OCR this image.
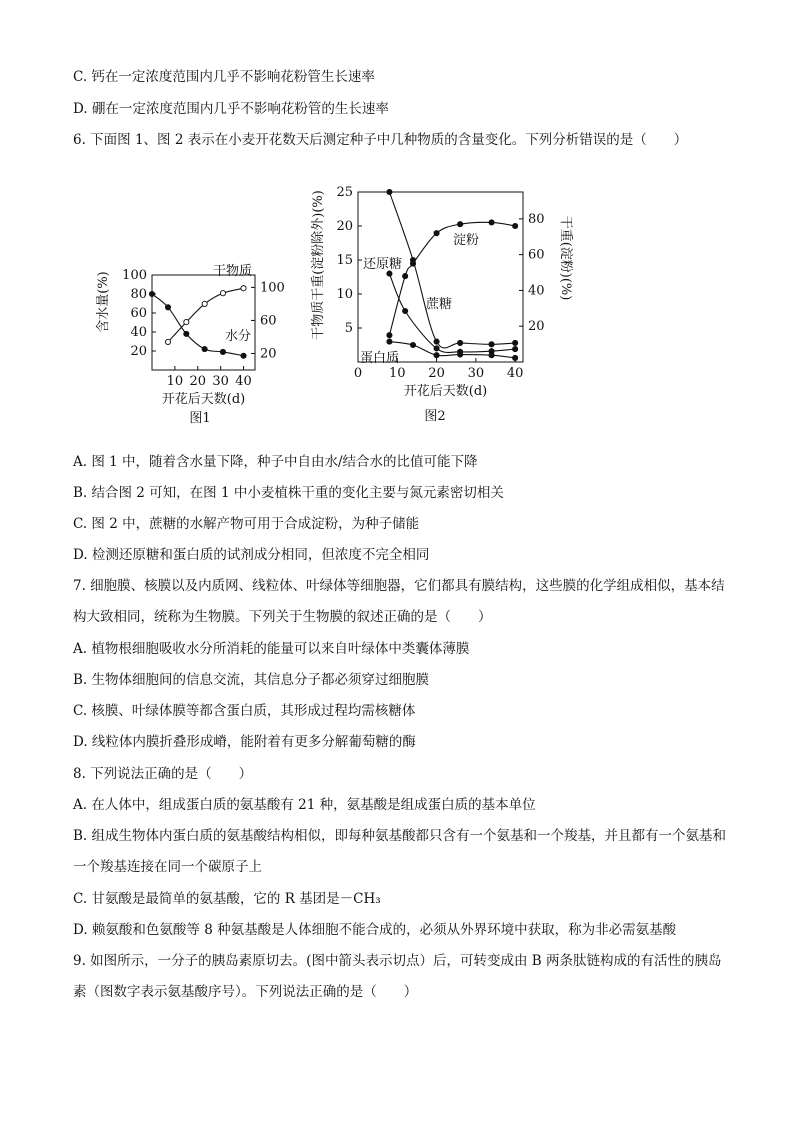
C. 钙在一定浓度范围内几乎不影响花粉管生长速率
D. 硼在一定浓度范围内几乎不影响花粉管的生长速率
6. 下面图 1、图 2 表示在小麦开花数天后测定种子中几种物质的含量变化。下列分析错误的是（　　）
10 20 30 40
20
40
60
80
100
20
60
100
开花后天数(d)
含水量(%)	干物质
水分
图1
0 10 20 30 40
5
10
15
20
25
20
40
60
80
开花后天数(d)
干物质干重(淀粉除外)(%)	干重(淀粉)(%)
淀粉
蔗糖
还原糖
蛋白质
图2
A. 图 1 中，随着含水量下降，种子中自由水/结合水的比值可能下降
B. 结合图 2 可知，在图 1 中小麦植株干重的变化主要与氮元素密切相关
C. 图 2 中，蔗糖的水解产物可用于合成淀粉，为种子储能
D. 检测还原糖和蛋白质的试剂成分相同，但浓度不完全相同
7. 细胞膜、核膜以及内质网、线粒体、叶绿体等细胞器，它们都具有膜结构，这些膜的化学组成相似，基本结构大致相同，统称为生物膜。下列关于生物膜的叙述正确的是（　　）
A. 植物根细胞吸收水分所消耗的能量可以来自叶绿体中类囊体薄膜
B. 生物体细胞间的信息交流，其信息分子都必须穿过细胞膜
C. 核膜、叶绿体膜等都含蛋白质，其形成过程均需核糖体
D. 线粒体内膜折叠形成嵴，能附着有更多分解葡萄糖的酶
8. 下列说法正确的是（　　）
A. 在人体中，组成蛋白质的氨基酸有 21 种，氨基酸是组成蛋白质的基本单位
B. 组成生物体内蛋白质的氨基酸结构相似，即每种氨基酸都只含有一个氨基和一个羧基，并且都有一个氨基和一个羧基连接在同一个碳原子上
C. 甘氨酸是最简单的氨基酸，它的 R 基团是－CH₃
D. 赖氨酸和色氨酸等 8 种氨基酸是人体细胞不能合成的，必须从外界环境中获取，称为非必需氨基酸
9. 如图所示，一分子的胰岛素原切去。(图中箭头表示切点）后，可转变成由 B 两条肽链构成的有活性的胰岛素（图数字表示氨基酸序号）。下列说法正确的是（　　）
